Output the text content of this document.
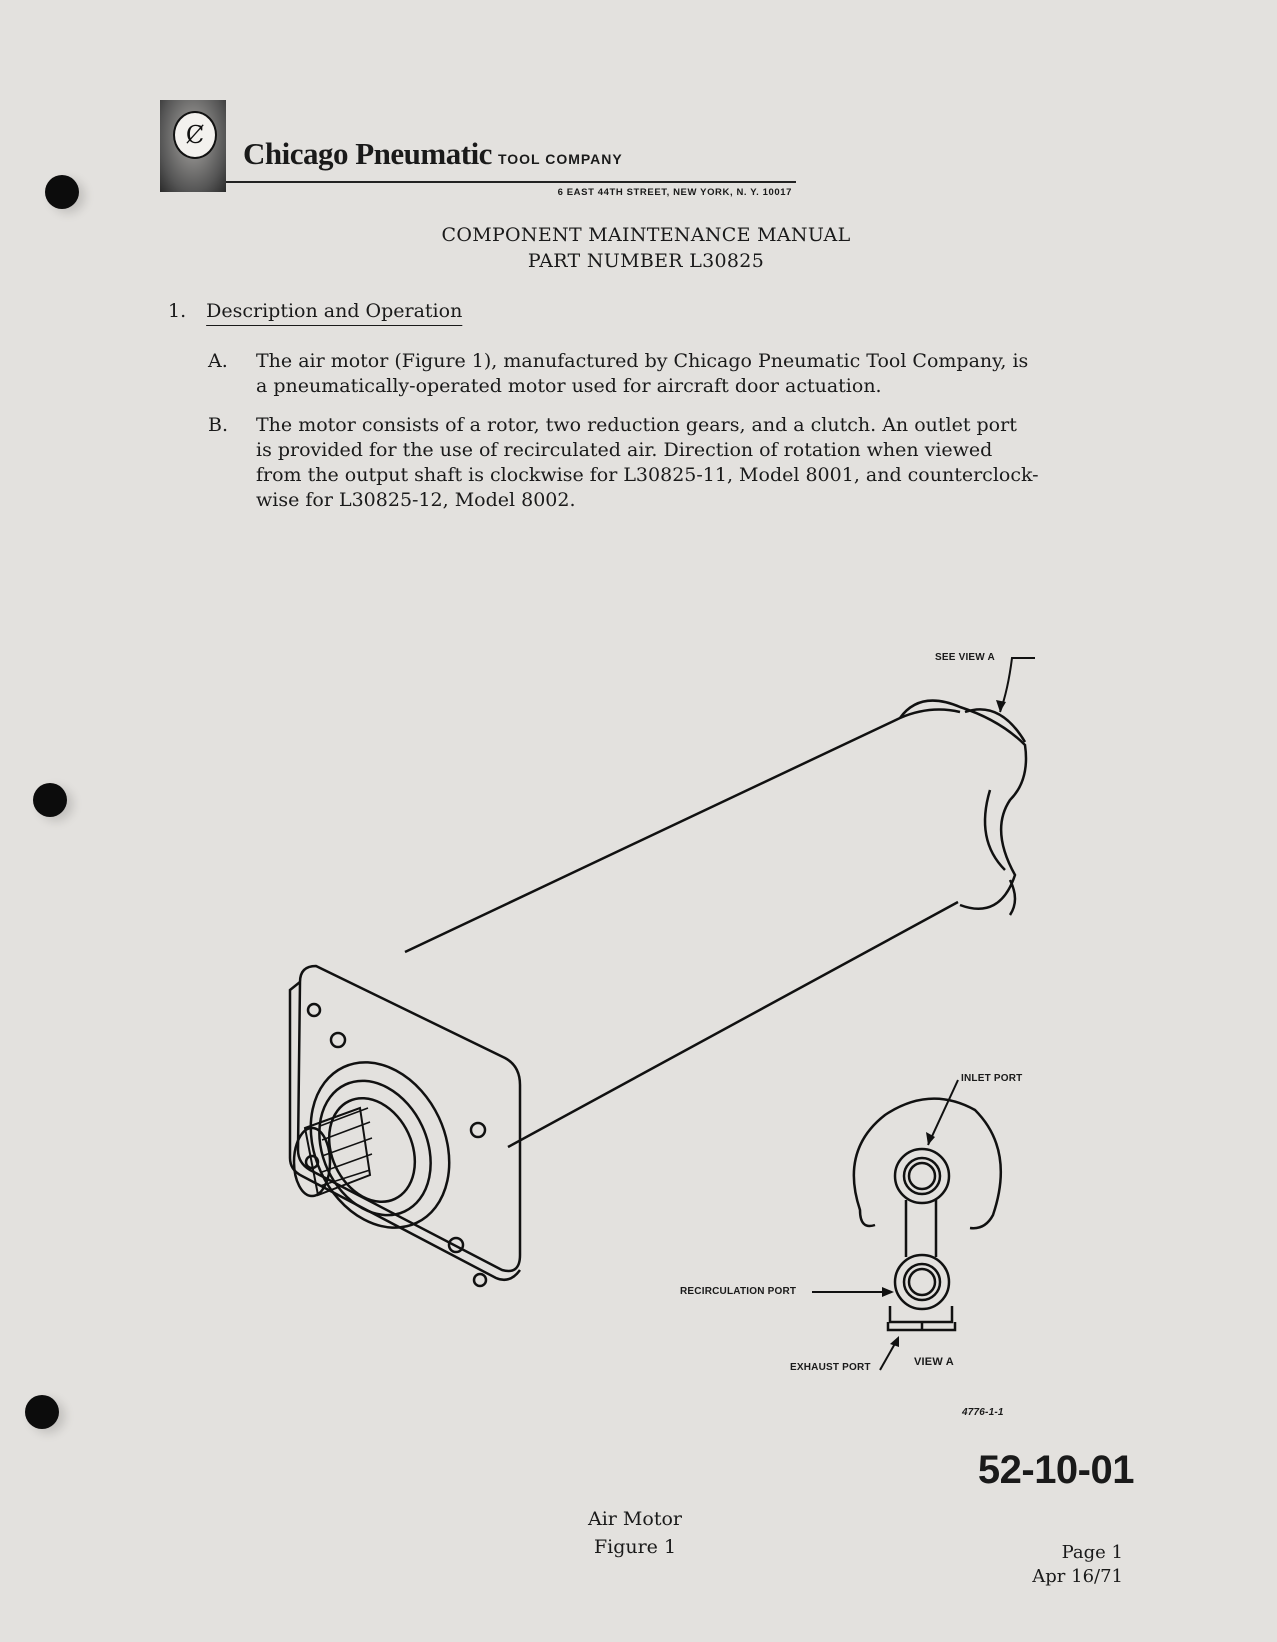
Ȼ
Chicago Pneumatic TOOL COMPANY
6 EAST 44TH STREET, NEW YORK, N. Y. 10017
COMPONENT MAINTENANCE MANUAL
PART NUMBER L30825
1. Description and Operation
A. The air motor (Figure 1), manufactured by Chicago Pneumatic Tool Company, is
a pneumatically-operated motor used for aircraft door actuation.
B. The motor consists of a rotor, two reduction gears, and a clutch. An outlet port
is provided for the use of recirculated air. Direction of rotation when viewed
from the output shaft is clockwise for L30825-11, Model 8001, and counterclock-
wise for L30825-12, Model 8002.
SEE VIEW A
INLET PORT
RECIRCULATION PORT
EXHAUST PORT	VIEW A
4776-1-1
Air Motor
Figure 1
52-10-01
Page 1
Apr 16/71
